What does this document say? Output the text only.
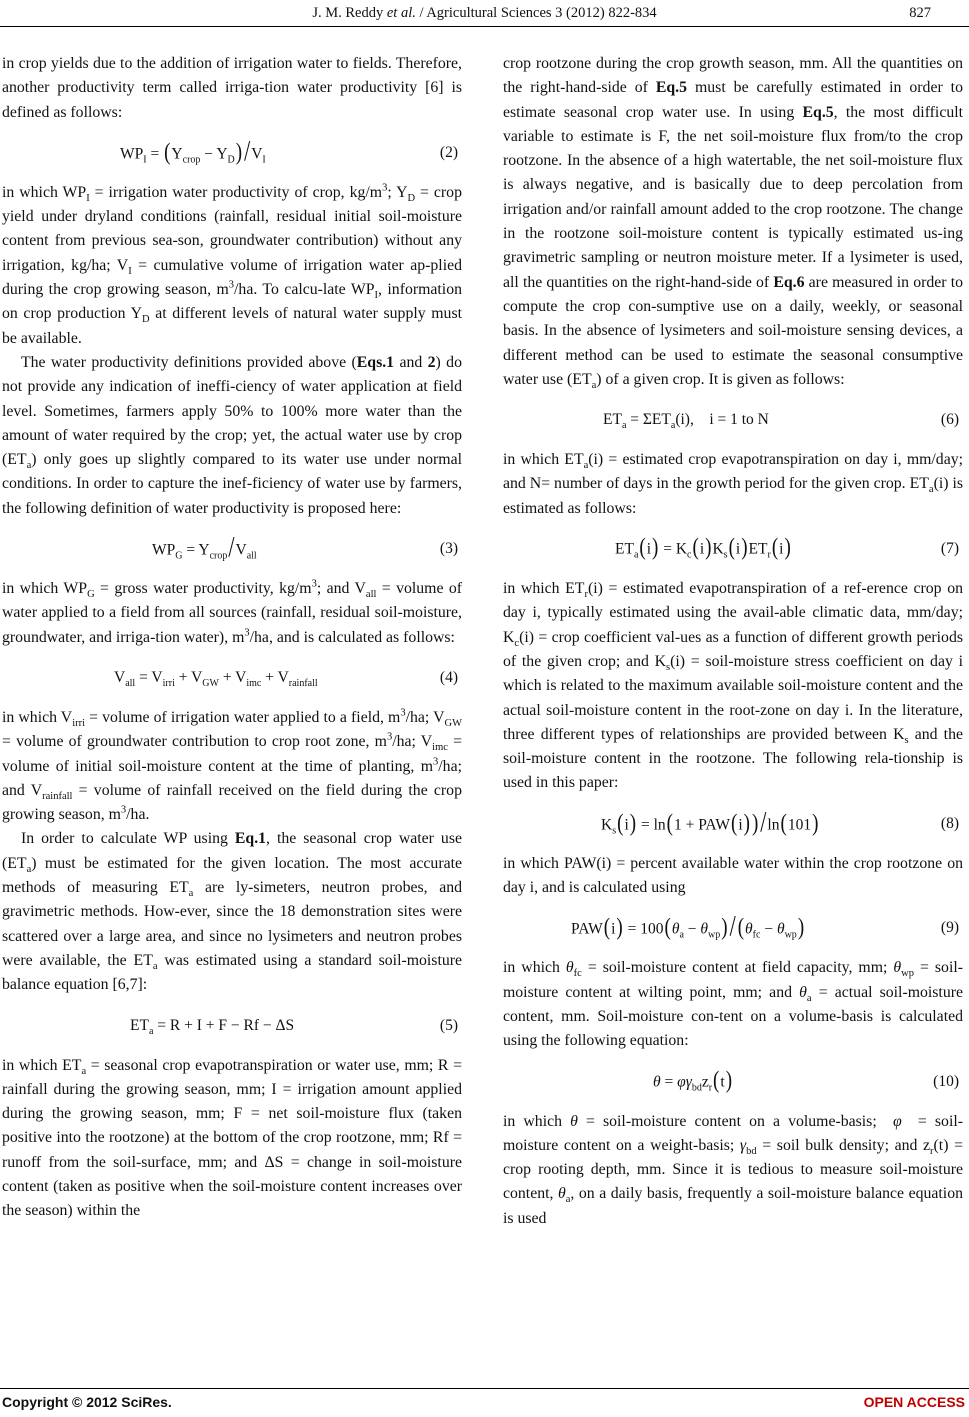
J. M. Reddy et al. / Agricultural Sciences 3 (2012) 822-834	827

in crop yields due to the addition of irrigation water to fields. Therefore, another productivity term called irriga-tion water productivity [6] is defined as follows:

$WP_I = (Y_{crop} - Y_D)/V_I$	(2)

in which $WP_I$ = irrigation water productivity of crop, $kg/m^3$; $Y_D$ = crop yield under dryland conditions (rainfall, residual initial soil-moisture content from previous sea-son, groundwater contribution) without any irrigation, kg/ha; $V_I$ = cumulative volume of irrigation water ap-plied during the crop growing season, $m^3/ha$. To calcu-late $WP_I$, information on crop production $Y_D$ at different levels of natural water supply must be available.

The water productivity definitions provided above (Eqs.1 and 2) do not provide any indication of ineffi-ciency of water application at field level. Sometimes, farmers apply 50% to 100% more water than the amount of water required by the crop; yet, the actual water use by crop $(ET_a)$ only goes up slightly compared to its water use under normal conditions. In order to capture the inef-ficiency of water use by farmers, the following definition of water productivity is proposed here:

$WP_G = Y_{crop}/V_{all}$	(3)

in which $WP_G$ = gross water productivity, $kg/m^3$; and $V_{all}$ = volume of water applied to a field from all sources (rainfall, residual soil-moisture, groundwater, and irriga-tion water), $m^3/ha$, and is calculated as follows:

$V_{all} = V_{irri} + V_{GW} + V_{imc} + V_{rainfall}$	(4)

in which $V_{irri}$ = volume of irrigation water applied to a field, $m^3/ha$; $V_{GW}$ = volume of groundwater contribution to crop root zone, $m^3/ha$; $V_{imc}$ = volume of initial soil-moisture content at the time of planting, $m^3/ha$; and $V_{rainfall}$ = volume of rainfall received on the field during the crop growing season, $m^3/ha$.

In order to calculate WP using Eq.1, the seasonal crop water use $(ET_a)$ must be estimated for the given location. The most accurate methods of measuring $ET_a$ are ly-simeters, neutron probes, and gravimetric methods. How-ever, since the 18 demonstration sites were scattered over a large area, and since no lysimeters and neutron probes were available, the $ET_a$ was estimated using a standard soil-moisture balance equation [6,7]:

$ET_a = R + I + F - Rf - \Delta S$	(5)

in which $ET_a$ = seasonal crop evapotranspiration or water use, mm; R = rainfall during the growing season, mm; I = irrigation amount applied during the growing season, mm; F = net soil-moisture flux (taken positive into the rootzone) at the bottom of the crop rootzone, mm; Rf = runoff from the soil-surface, mm; and ΔS = change in soil-moisture content (taken as positive when the soil-moisture content increases over the season) within the

crop rootzone during the crop growth season, mm. All the quantities on the right-hand-side of Eq.5 must be carefully estimated in order to estimate seasonal crop water use. In using Eq.5, the most difficult variable to estimate is F, the net soil-moisture flux from/to the crop rootzone. In the absence of a high watertable, the net soil-moisture flux is always negative, and is basically due to deep percolation from irrigation and/or rainfall amount added to the crop rootzone. The change in the rootzone soil-moisture content is typically estimated us-ing gravimetric sampling or neutron moisture meter. If a lysimeter is used, all the quantities on the right-hand-side of Eq.6 are measured in order to compute the crop con-sumptive use on a daily, weekly, or seasonal basis. In the absence of lysimeters and soil-moisture sensing devices, a different method can be used to estimate the seasonal consumptive water use $(ET_a)$ of a given crop. It is given as follows:

$ET_a = \Sigma ET_a(i)$, i = 1 to N	(6)

in which $ET_a(i)$ = estimated crop evapotranspiration on day i, mm/day; and N= number of days in the growth period for the given crop. $ET_a(i)$ is estimated as follows:

$ET_a(i) = K_c(i)K_s(i)ET_r(i)$	(7)

in which $ET_r(i)$ = estimated evapotranspiration of a ref-erence crop on day i, typically estimated using the avail-able climatic data, mm/day; $K_c(i)$ = crop coefficient val-ues as a function of different growth periods of the given crop; and $K_s(i)$ = soil-moisture stress coefficient on day i which is related to the maximum available soil-moisture content and the actual soil-moisture content in the root-zone on day i. In the literature, three different types of relationships are provided between $K_s$ and the soil-moisture content in the rootzone. The following rela-tionship is used in this paper:

$K_s(i) = \ln(1 + PAW(i)$ )/ln(101)	(8)

in which PAW(i) = percent available water within the crop rootzone on day i, and is calculated using

$PAW(i) = 100(\theta_a - \theta_{wp})/$ $(\theta_{fc} - \theta_{wp})$	(9)

in which $\theta_{fc}$ = soil-moisture content at field capacity, mm; $\theta_{wp}$ = soil-moisture content at wilting point, mm; and $\theta_a$ = actual soil-moisture content, mm. Soil-moisture con-tent on a volume-basis is calculated using the following equation:

$\theta = \varphi\gamma_{bd}z_r(t)$	(10)

in which θ = soil-moisture content on a volume-basis;  φ  = soil-moisture content on a weight-basis; $\gamma_{bd}$ = soil bulk density; and $z_r(t)$ = crop rooting depth, mm. Since it is tedious to measure soil-moisture content, $\theta_a$, on a daily basis, frequently a soil-moisture balance equation is used

Copyright © 2012 SciRes.	OPEN ACCESS
